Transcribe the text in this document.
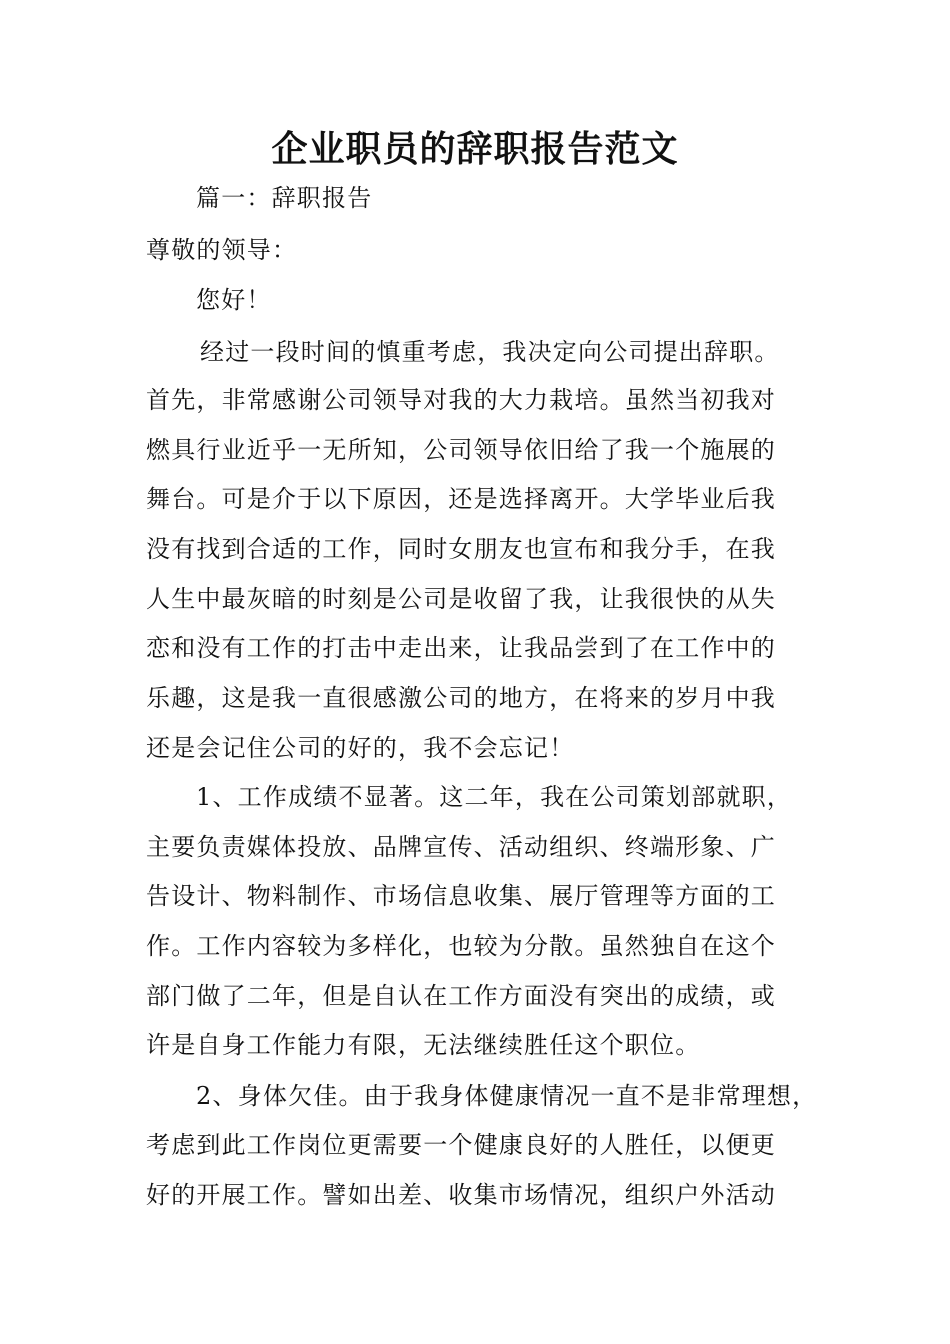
企业职员的辞职报告范文
篇一：辞职报告
尊敬的领导：
您好！
经过一段时间的慎重考虑，我决定向公司提出辞职。
首先，非常感谢公司领导对我的大力栽培。虽然当初我对
燃具行业近乎一无所知，公司领导依旧给了我一个施展的
舞台。可是介于以下原因，还是选择离开。大学毕业后我
没有找到合适的工作，同时女朋友也宣布和我分手，在我
人生中最灰暗的时刻是公司是收留了我，让我很快的从失
恋和没有工作的打击中走出来，让我品尝到了在工作中的
乐趣，这是我一直很感激公司的地方，在将来的岁月中我
还是会记住公司的好的，我不会忘记！
1、工作成绩不显著。这二年，我在公司策划部就职，
主要负责媒体投放、品牌宣传、活动组织、终端形象、广
告设计、物料制作、市场信息收集、展厅管理等方面的工
作。工作内容较为多样化，也较为分散。虽然独自在这个
部门做了二年，但是自认在工作方面没有突出的成绩，或
许是自身工作能力有限，无法继续胜任这个职位。
2、身体欠佳。由于我身体健康情况一直不是非常理想，
考虑到此工作岗位更需要一个健康良好的人胜任，以便更
好的开展工作。譬如出差、收集市场情况，组织户外活动
